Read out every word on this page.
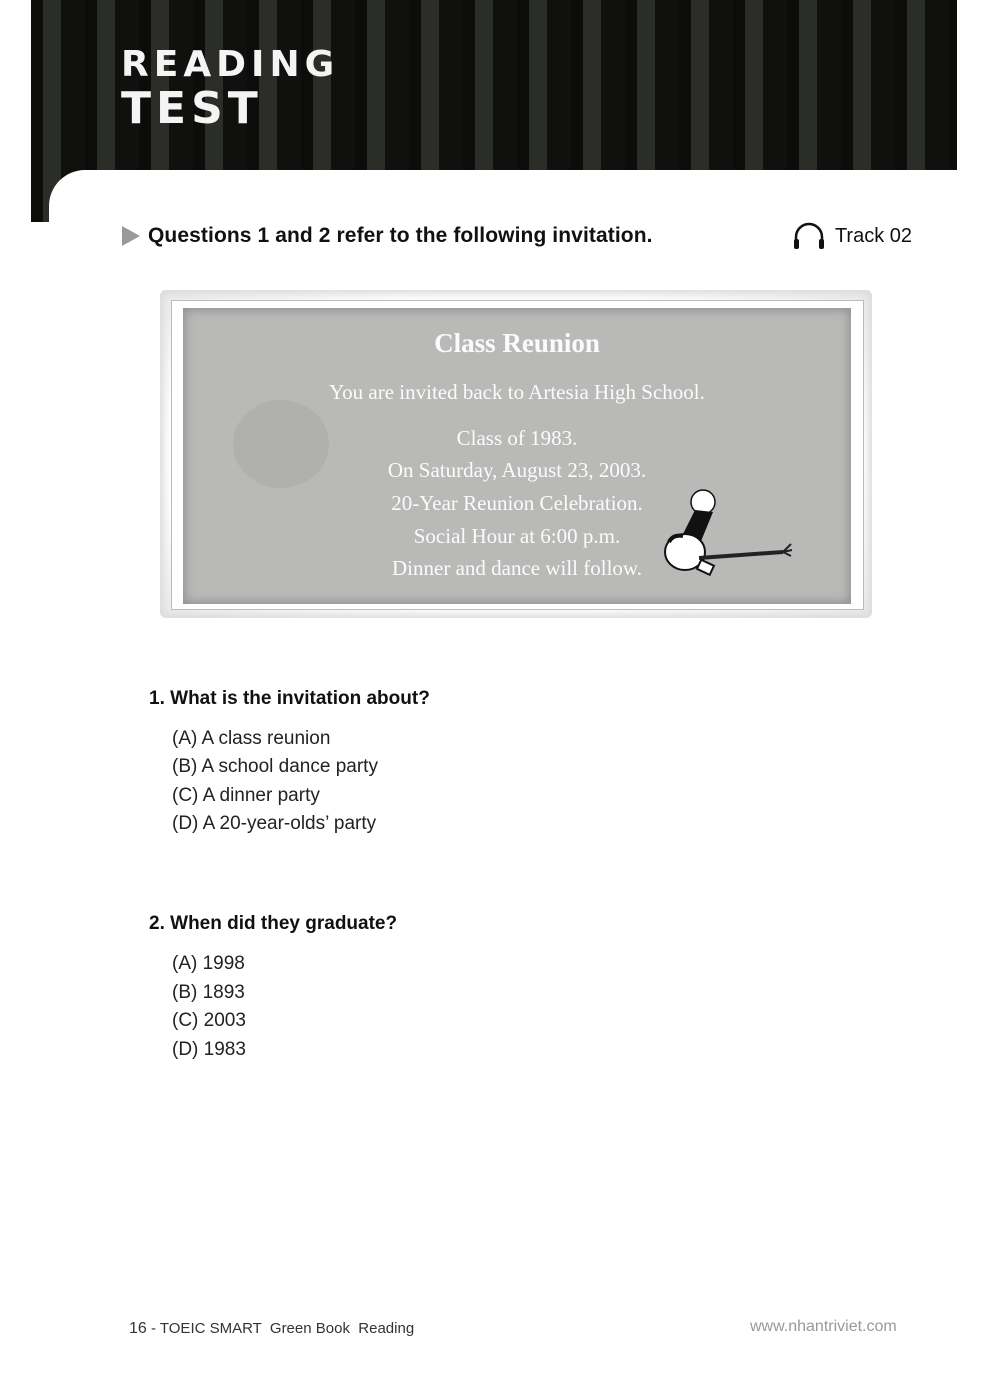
READING
TEST
Questions 1 and 2 refer to the following invitation.	Track 02
Class Reunion
You are invited back to Artesia High School.
Class of 1983.
On Saturday, August 23, 2003.
20-Year Reunion Celebration.
Social Hour at 6:00 p.m.
Dinner and dance will follow.
1. What is the invitation about?
(A) A class reunion
(B) A school dance party
(C) A dinner party
(D) A 20-year-olds’ party
2. When did they graduate?
(A) 1998
(B) 1893
(C) 2003
(D) 1983
16 - TOEIC SMART  Green Book  Reading	www.nhantriviet.com
